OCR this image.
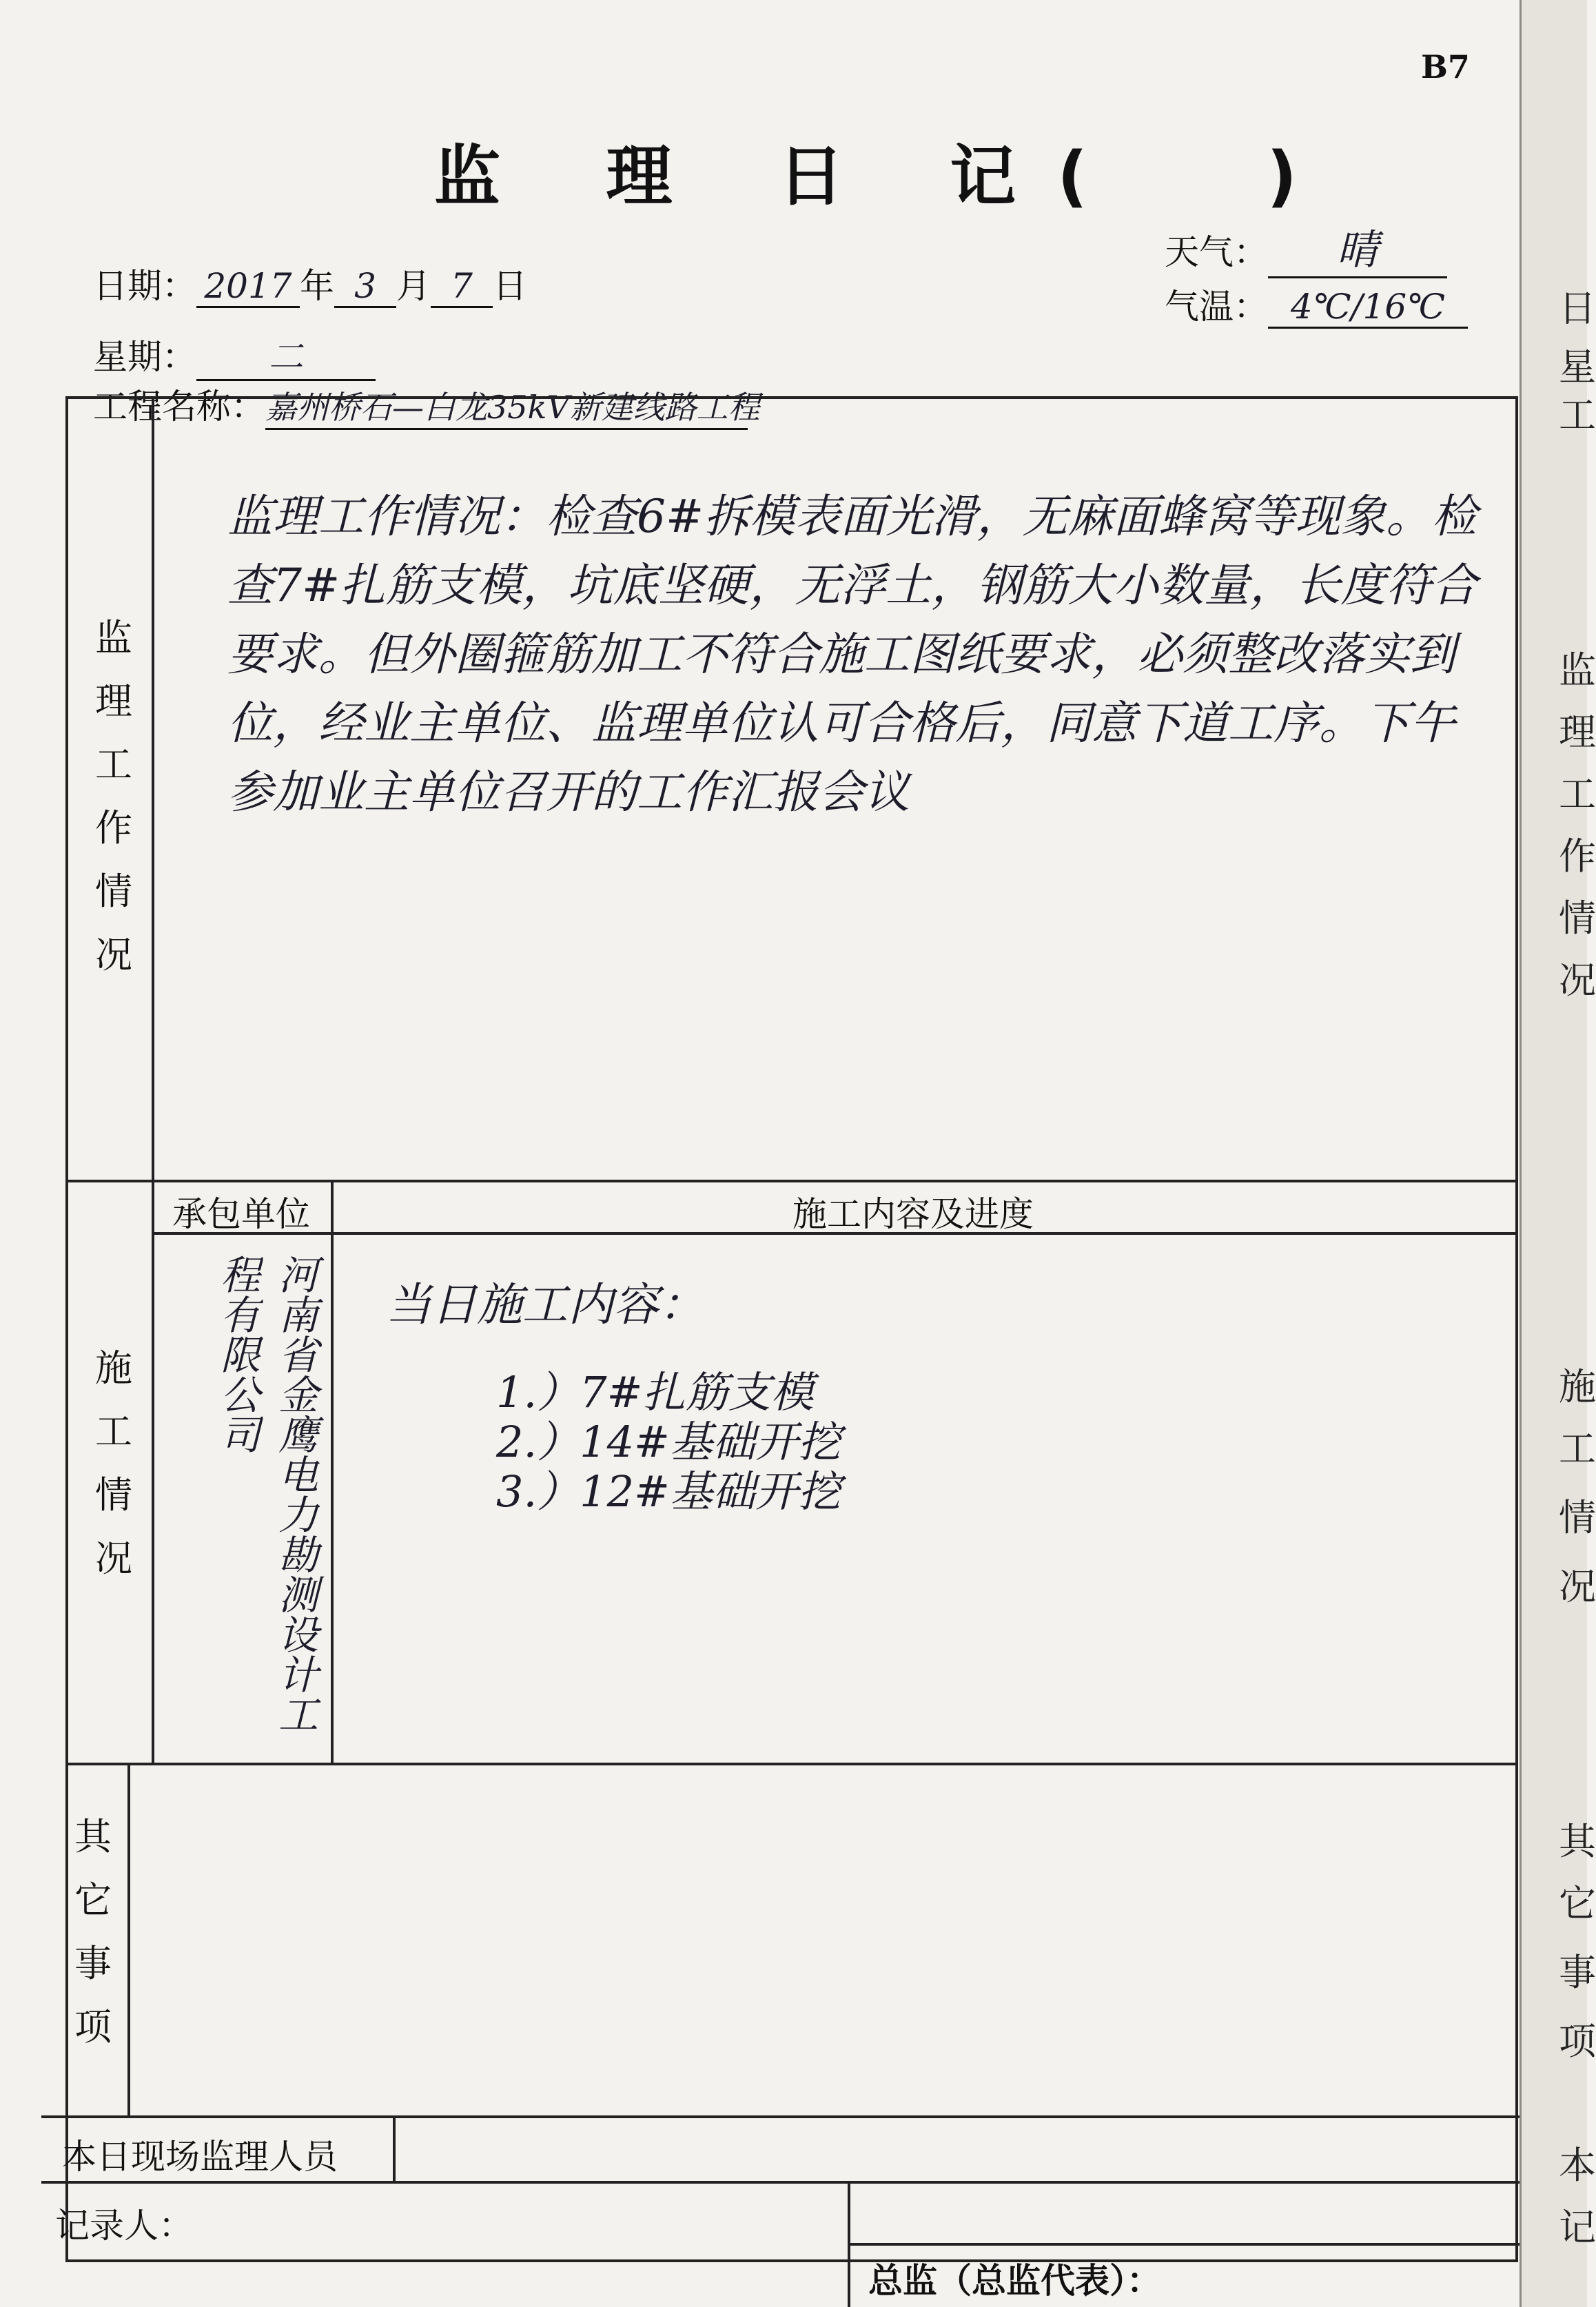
日
星
工
监
理
工
作
情
况
施
工
情
况
其
它
事
项
本
记
B7
监 理 日 记( )
日期： 2017 年 3 月 7 日
星期： 二
工程名称：嘉州桥石—白龙35kV新建线路工程
天气： 晴
气温： 4℃/16℃
监
理
工
作
情
况
监理工作情况：检查6#拆模表面光滑，无麻面蜂窝等现象。检查7#扎筋支模，坑底坚硬，无浮土，钢筋大小数量，长度符合要求。但外圈箍筋加工不符合施工图纸要求，必须整改落实到位，经业主单位、监理单位认可合格后，同意下道工序。下午参加业主单位召开的工作汇报会议
施
工
情
况
承包单位	施工内容及进度
河南省金鹰电力勘测设计工程有限公司	当日施工内容：
1.）7#扎筋支模
2.）14#基础开挖
3.）12#基础开挖
其
它
事
项
本日现场监理人员
记录人：
总监（总监代表）：
